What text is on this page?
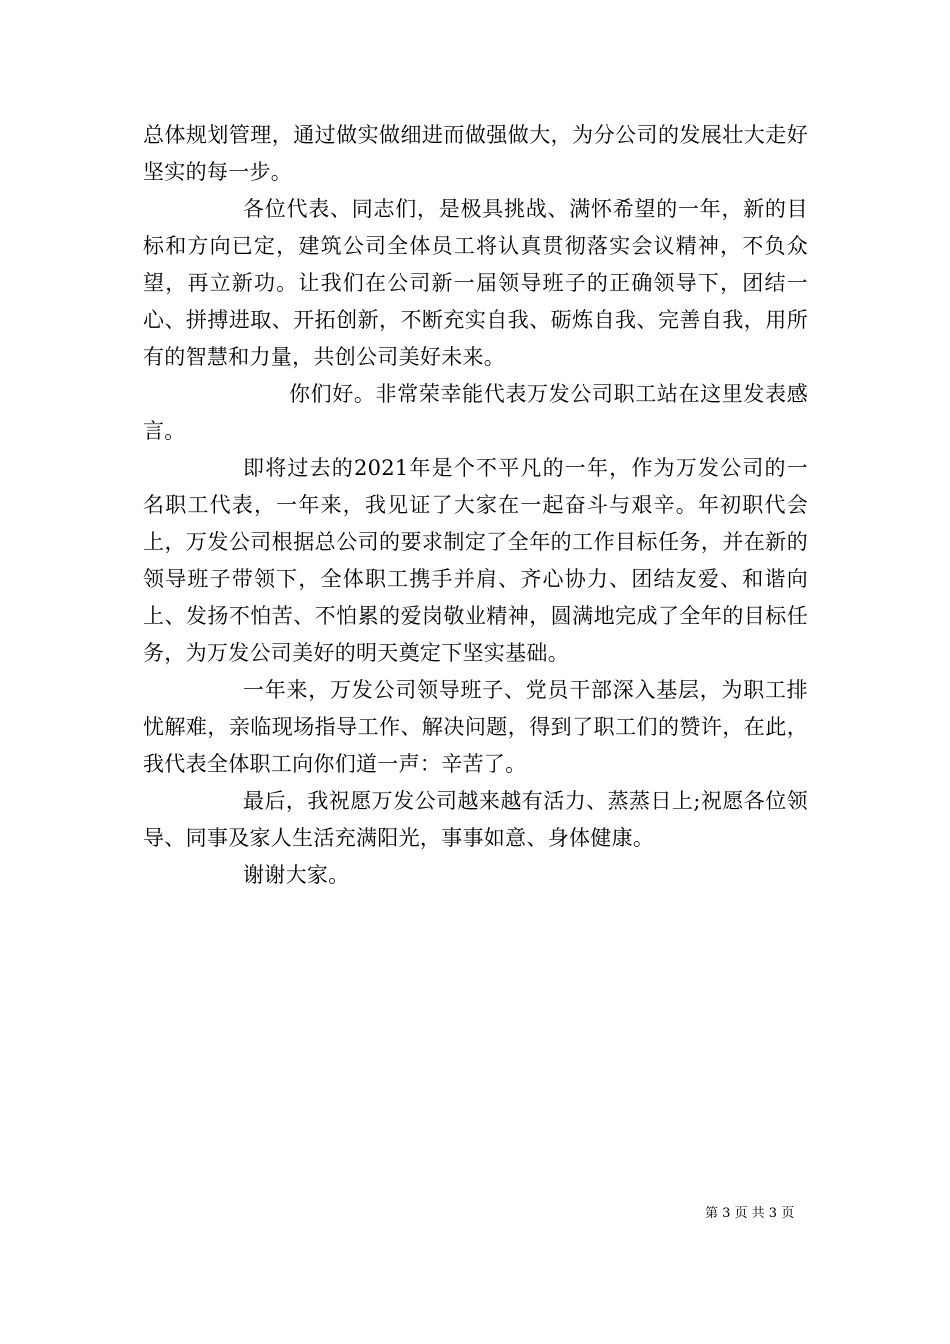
总体规划管理，通过做实做细进而做强做大，为分公司的发展壮大走好坚实的每一步。

各位代表、同志们，是极具挑战、满怀希望的一年，新的目标和方向已定，建筑公司全体员工将认真贯彻落实会议精神，不负众望，再立新功。让我们在公司新一届领导班子的正确领导下，团结一心、拼搏进取、开拓创新，不断充实自我、砺炼自我、完善自我，用所有的智慧和力量，共创公司美好未来。

你们好。非常荣幸能代表万发公司职工站在这里发表感言。

即将过去的2021年是个不平凡的一年，作为万发公司的一名职工代表，一年来，我见证了大家在一起奋斗与艰辛。年初职代会上，万发公司根据总公司的要求制定了全年的工作目标任务，并在新的领导班子带领下，全体职工携手并肩、齐心协力、团结友爱、和谐向上、发扬不怕苦、不怕累的爱岗敬业精神，圆满地完成了全年的目标任务，为万发公司美好的明天奠定下坚实基础。

一年来，万发公司领导班子、党员干部深入基层，为职工排忧解难，亲临现场指导工作、解决问题，得到了职工们的赞许，在此，我代表全体职工向你们道一声：辛苦了。

最后，我祝愿万发公司越来越有活力、蒸蒸日上;祝愿各位领导、同事及家人生活充满阳光，事事如意、身体健康。

谢谢大家。

第 3 页 共 3 页
